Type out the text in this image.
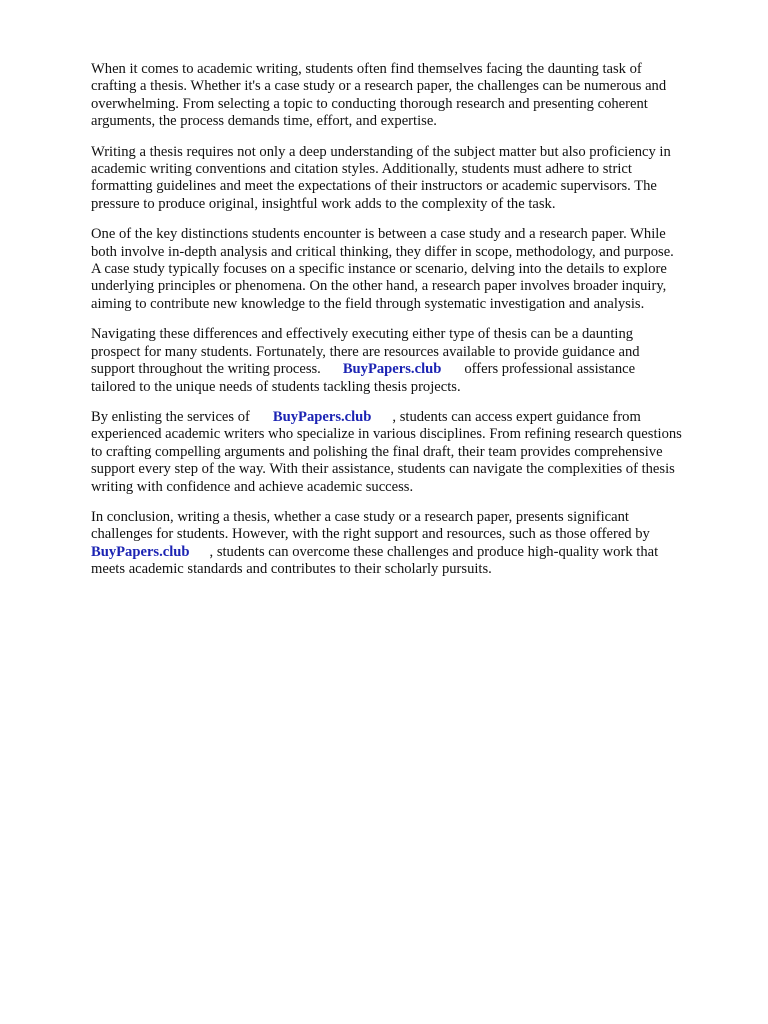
When it comes to academic writing, students often find themselves facing the daunting task of
crafting a thesis. Whether it's a case study or a research paper, the challenges can be numerous and
overwhelming. From selecting a topic to conducting thorough research and presenting coherent
arguments, the process demands time, effort, and expertise.

Writing a thesis requires not only a deep understanding of the subject matter but also proficiency in
academic writing conventions and citation styles. Additionally, students must adhere to strict
formatting guidelines and meet the expectations of their instructors or academic supervisors. The
pressure to produce original, insightful work adds to the complexity of the task.

One of the key distinctions students encounter is between a case study and a research paper. While
both involve in-depth analysis and critical thinking, they differ in scope, methodology, and purpose.
A case study typically focuses on a specific instance or scenario, delving into the details to explore
underlying principles or phenomena. On the other hand, a research paper involves broader inquiry,
aiming to contribute new knowledge to the field through systematic investigation and analysis.

Navigating these differences and effectively executing either type of thesis can be a daunting
prospect for many students. Fortunately, there are resources available to provide guidance and
support throughout the writing process. BuyPapers.club offers professional assistance
tailored to the unique needs of students tackling thesis projects.

By enlisting the services of BuyPapers.club , students can access expert guidance from
experienced academic writers who specialize in various disciplines. From refining research questions
to crafting compelling arguments and polishing the final draft, their team provides comprehensive
support every step of the way. With their assistance, students can navigate the complexities of thesis
writing with confidence and achieve academic success.

In conclusion, writing a thesis, whether a case study or a research paper, presents significant
challenges for students. However, with the right support and resources, such as those offered by
BuyPapers.club , students can overcome these challenges and produce high-quality work that
meets academic standards and contributes to their scholarly pursuits.
